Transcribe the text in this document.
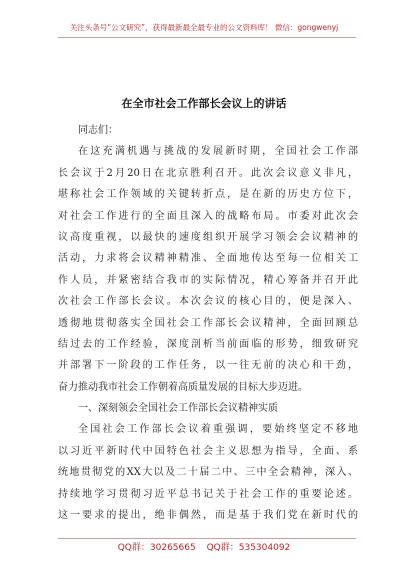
关注头条号“公文研究”，获得最新最全最专业的公文资料库！ 微信：gongwenyj
在全市社会工作部长会议上的讲话
同志们：
在这充满机遇与挑战的发展新时期，全国社会工作部
长会议于2月20日在北京胜利召开。此次会议意义非凡，
堪称社会工作领域的关键转折点，是在新的历史方位下，
对社会工作进行的全面且深入的战略布局。市委对此次会
议高度重视，以最快的速度组织开展学习领会会议精神的
活动，力求将会议精神精准、全面地传达至每一位相关工
作人员，并紧密结合我市的实际情况，精心筹备并召开此
次社会工作部长会议。本次会议的核心目的，便是深入、
透彻地贯彻落实全国社会工作部长会议精神，全面回顾总
结过去的工作经验，深度剖析当前面临的形势，细致研究
并部署下一阶段的工作任务，以一往无前的决心和干劲，
奋力推动我市社会工作朝着高质量发展的目标大步迈进。
一、深刻领会全国社会工作部长会议精神实质
全国社会工作部长会议着重强调，要始终坚定不移地
以习近平新时代中国特色社会主义思想为指导，全面、系
统地贯彻党的XX大以及二十届二中、三中全会精神，深入、
持续地学习贯彻习近平总书记关于社会工作的重要论述。
这一要求的提出，绝非偶然，而是基于我们党在新时代的
QQ群：30265665 QQ群：535304092
